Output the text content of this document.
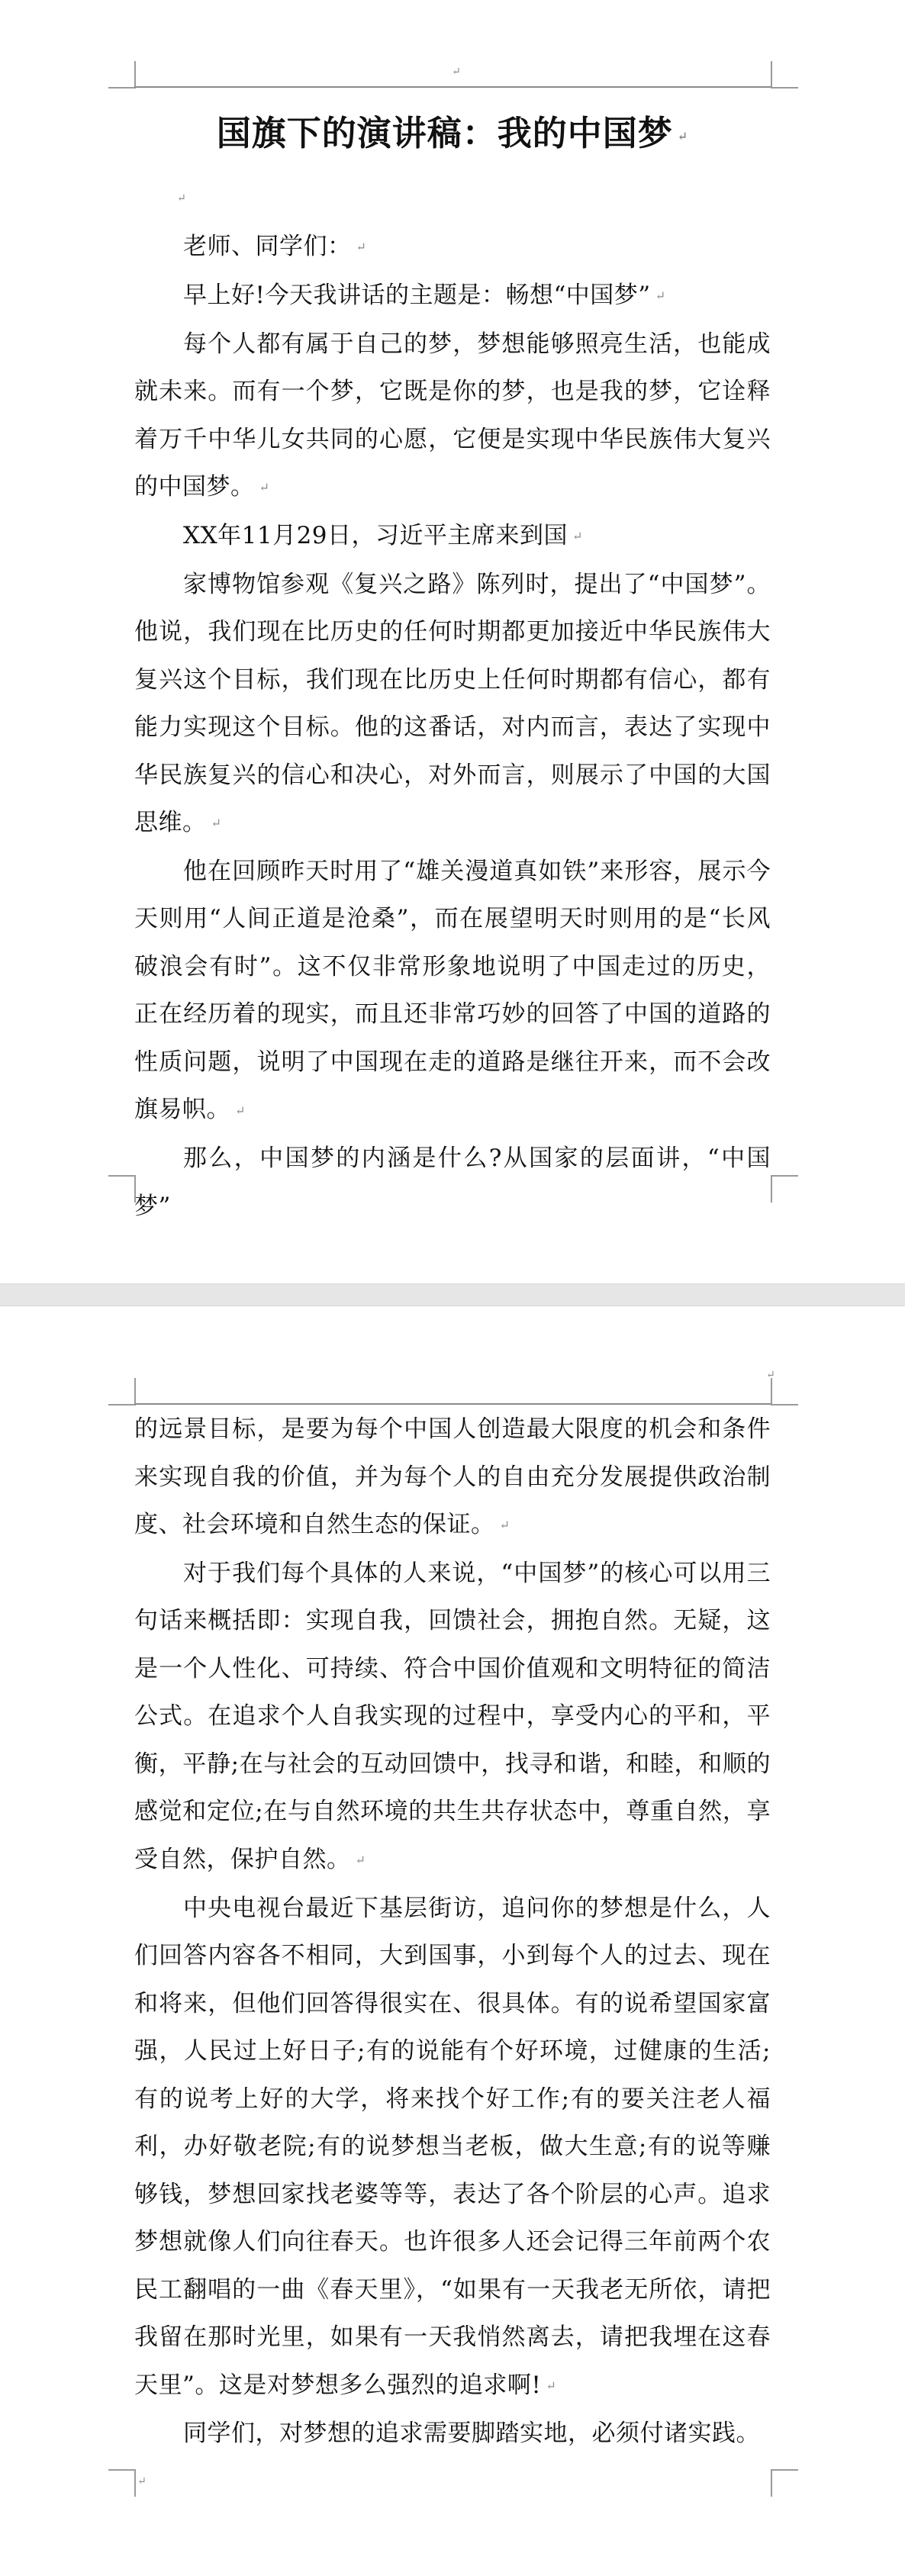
↵
国旗下的演讲稿：我的中国梦 ↵
↵

老师、同学们： ↵

早上好!今天我讲话的主题是：畅想“中国梦” ↵

每个人都有属于自己的梦，梦想能够照亮生活，也能成就未来。而有一个梦，它既是你的梦，也是我的梦，它诠释着万千中华儿女共同的心愿，它便是实现中华民族伟大复兴的中国梦。 ↵

XX年11月29日，习近平主席来到国 ↵

家博物馆参观《复兴之路》陈列时，提出了“中国梦”。他说，我们现在比历史的任何时期都更加接近中华民族伟大复兴这个目标，我们现在比历史上任何时期都有信心，都有能力实现这个目标。他的这番话，对内而言，表达了实现中华民族复兴的信心和决心，对外而言，则展示了中国的大国思维。 ↵

他在回顾昨天时用了“雄关漫道真如铁”来形容，展示今天则用“人间正道是沧桑”，而在展望明天时则用的是“长风破浪会有时”。这不仅非常形象地说明了中国走过的历史，正在经历着的现实，而且还非常巧妙的回答了中国的道路的性质问题，说明了中国现在走的道路是继往开来，而不会改旗易帜。 ↵

那么，中国梦的内涵是什么?从国家的层面讲，“中国梦”

↵

的远景目标，是要为每个中国人创造最大限度的机会和条件来实现自我的价值，并为每个人的自由充分发展提供政治制度、社会环境和自然生态的保证。 ↵

对于我们每个具体的人来说，“中国梦”的核心可以用三句话来概括即：实现自我，回馈社会，拥抱自然。无疑，这是一个人性化、可持续、符合中国价值观和文明特征的简洁公式。在追求个人自我实现的过程中，享受内心的平和，平衡，平静;在与社会的互动回馈中，找寻和谐，和睦，和顺的感觉和定位;在与自然环境的共生共存状态中，尊重自然，享受自然，保护自然。 ↵

中央电视台最近下基层街访，追问你的梦想是什么，人们回答内容各不相同，大到国事，小到每个人的过去、现在和将来，但他们回答得很实在、很具体。有的说希望国家富强，人民过上好日子;有的说能有个好环境，过健康的生活;有的说考上好的大学，将来找个好工作;有的要关注老人福利，办好敬老院;有的说梦想当老板，做大生意;有的说等赚够钱，梦想回家找老婆等等，表达了各个阶层的心声。追求梦想就像人们向往春天。也许很多人还会记得三年前两个农民工翻唱的一曲《春天里》，“如果有一天我老无所依，请把我留在那时光里，如果有一天我悄然离去，请把我埋在这春天里”。这是对梦想多么强烈的追求啊! ↵

同学们，对梦想的追求需要脚踏实地，必须付诸实践。

↵
